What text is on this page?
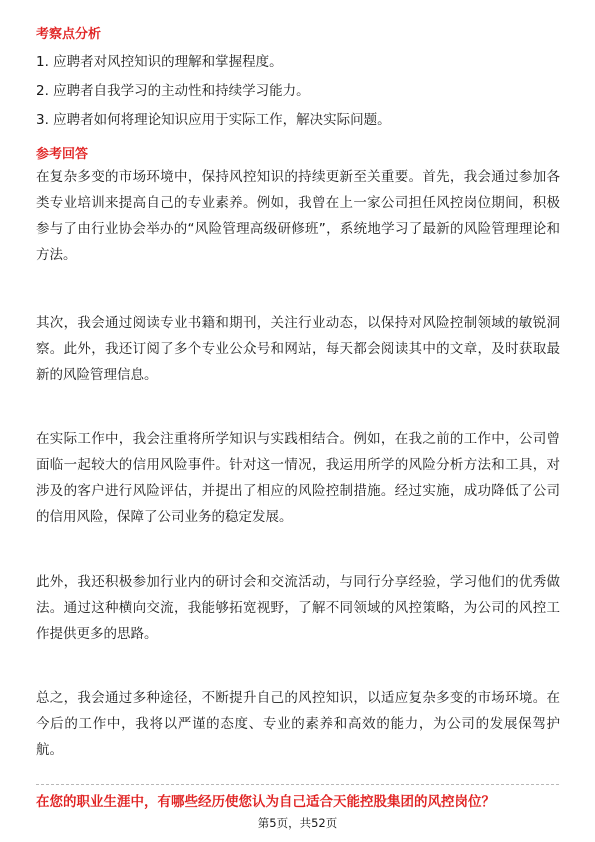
考察点分析
1. 应聘者对风控知识的理解和掌握程度。
2. 应聘者自我学习的主动性和持续学习能力。
3. 应聘者如何将理论知识应用于实际工作，解决实际问题。
参考回答
在复杂多变的市场环境中，保持风控知识的持续更新至关重要。首先，我会通过参加各类专业培训来提高自己的专业素养。例如，我曾在上一家公司担任风控岗位期间，积极参与了由行业协会举办的“风险管理高级研修班”，系统地学习了最新的风险管理理论和方法。
其次，我会通过阅读专业书籍和期刊，关注行业动态，以保持对风险控制领域的敏锐洞察。此外，我还订阅了多个专业公众号和网站，每天都会阅读其中的文章，及时获取最新的风险管理信息。
在实际工作中，我会注重将所学知识与实践相结合。例如，在我之前的工作中，公司曾面临一起较大的信用风险事件。针对这一情况，我运用所学的风险分析方法和工具，对涉及的客户进行风险评估，并提出了相应的风险控制措施。经过实施，成功降低了公司的信用风险，保障了公司业务的稳定发展。
此外，我还积极参加行业内的研讨会和交流活动，与同行分享经验，学习他们的优秀做法。通过这种横向交流，我能够拓宽视野，了解不同领域的风控策略，为公司的风控工作提供更多的思路。
总之，我会通过多种途径，不断提升自己的风控知识，以适应复杂多变的市场环境。在今后的工作中，我将以严谨的态度、专业的素养和高效的能力，为公司的发展保驾护航。
在您的职业生涯中，有哪些经历使您认为自己适合天能控股集团的风控岗位？
第5页，共52页
